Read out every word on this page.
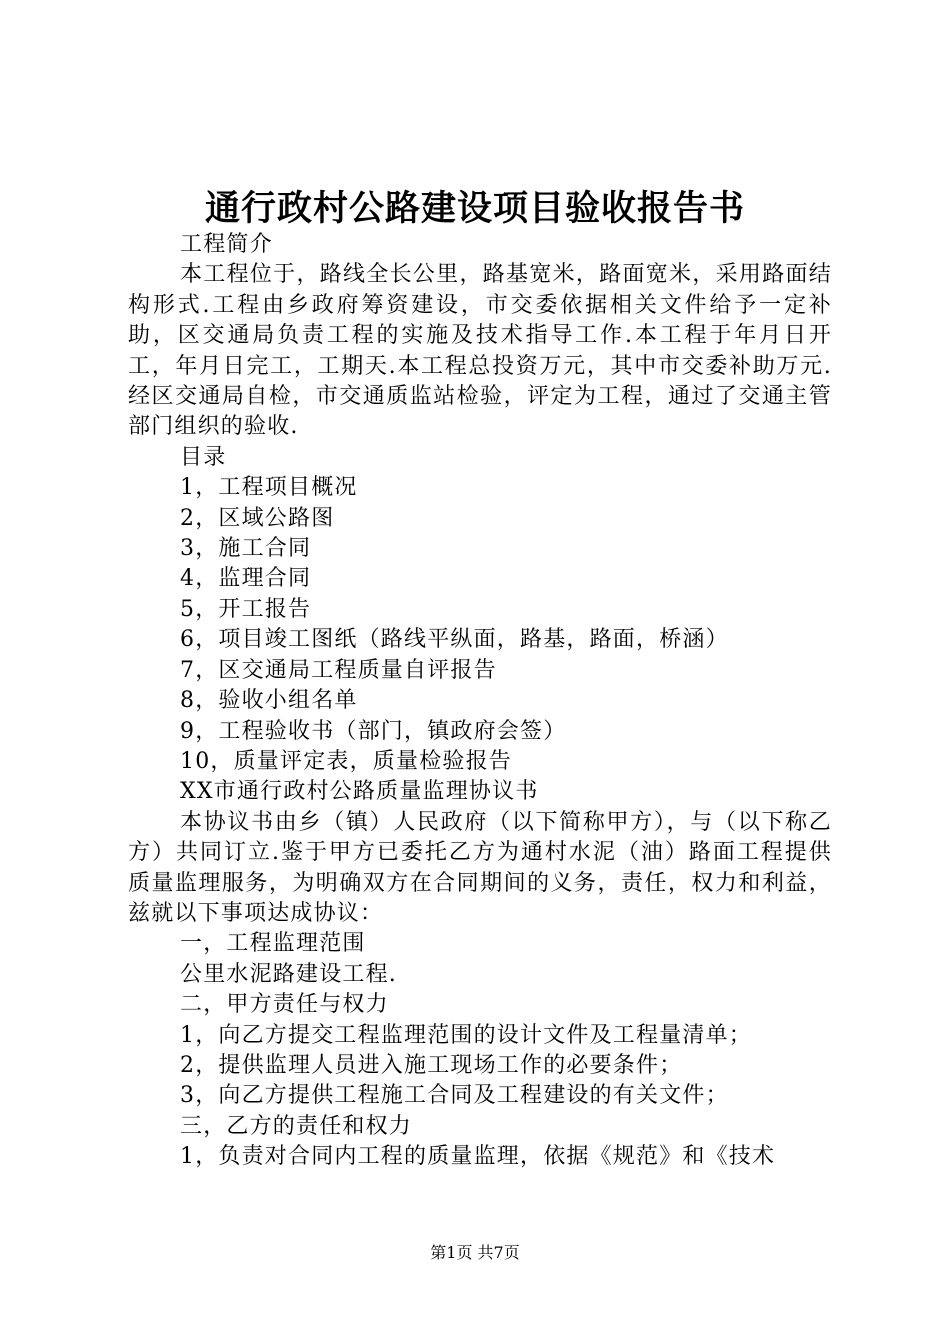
通行政村公路建设项目验收报告书

工程简介

本工程位于，路线全长公里，路基宽米，路面宽米，采用路面结构形式.工程由乡政府筹资建设，市交委依据相关文件给予一定补助，区交通局负责工程的实施及技术指导工作.本工程于年月日开工，年月日完工，工期天.本工程总投资万元，其中市交委补助万元.经区交通局自检，市交通质监站检验，评定为工程，通过了交通主管部门组织的验收.

目录

1，工程项目概况

2，区域公路图

3，施工合同

4，监理合同

5，开工报告

6，项目竣工图纸（路线平纵面，路基，路面，桥涵）

7，区交通局工程质量自评报告

8，验收小组名单

9，工程验收书（部门，镇政府会签）

10，质量评定表，质量检验报告

XX市通行政村公路质量监理协议书

本协议书由乡（镇）人民政府（以下简称甲方），与（以下称乙方）共同订立.鉴于甲方已委托乙方为通村水泥（油）路面工程提供质量监理服务，为明确双方在合同期间的义务，责任，权力和利益，兹就以下事项达成协议：

一，工程监理范围

公里水泥路建设工程.

二，甲方责任与权力

1，向乙方提交工程监理范围的设计文件及工程量清单；

2，提供监理人员进入施工现场工作的必要条件；

3，向乙方提供工程施工合同及工程建设的有关文件；

三，乙方的责任和权力

1，负责对合同内工程的质量监理，依据《规范》和《技术

第1页 共7页
